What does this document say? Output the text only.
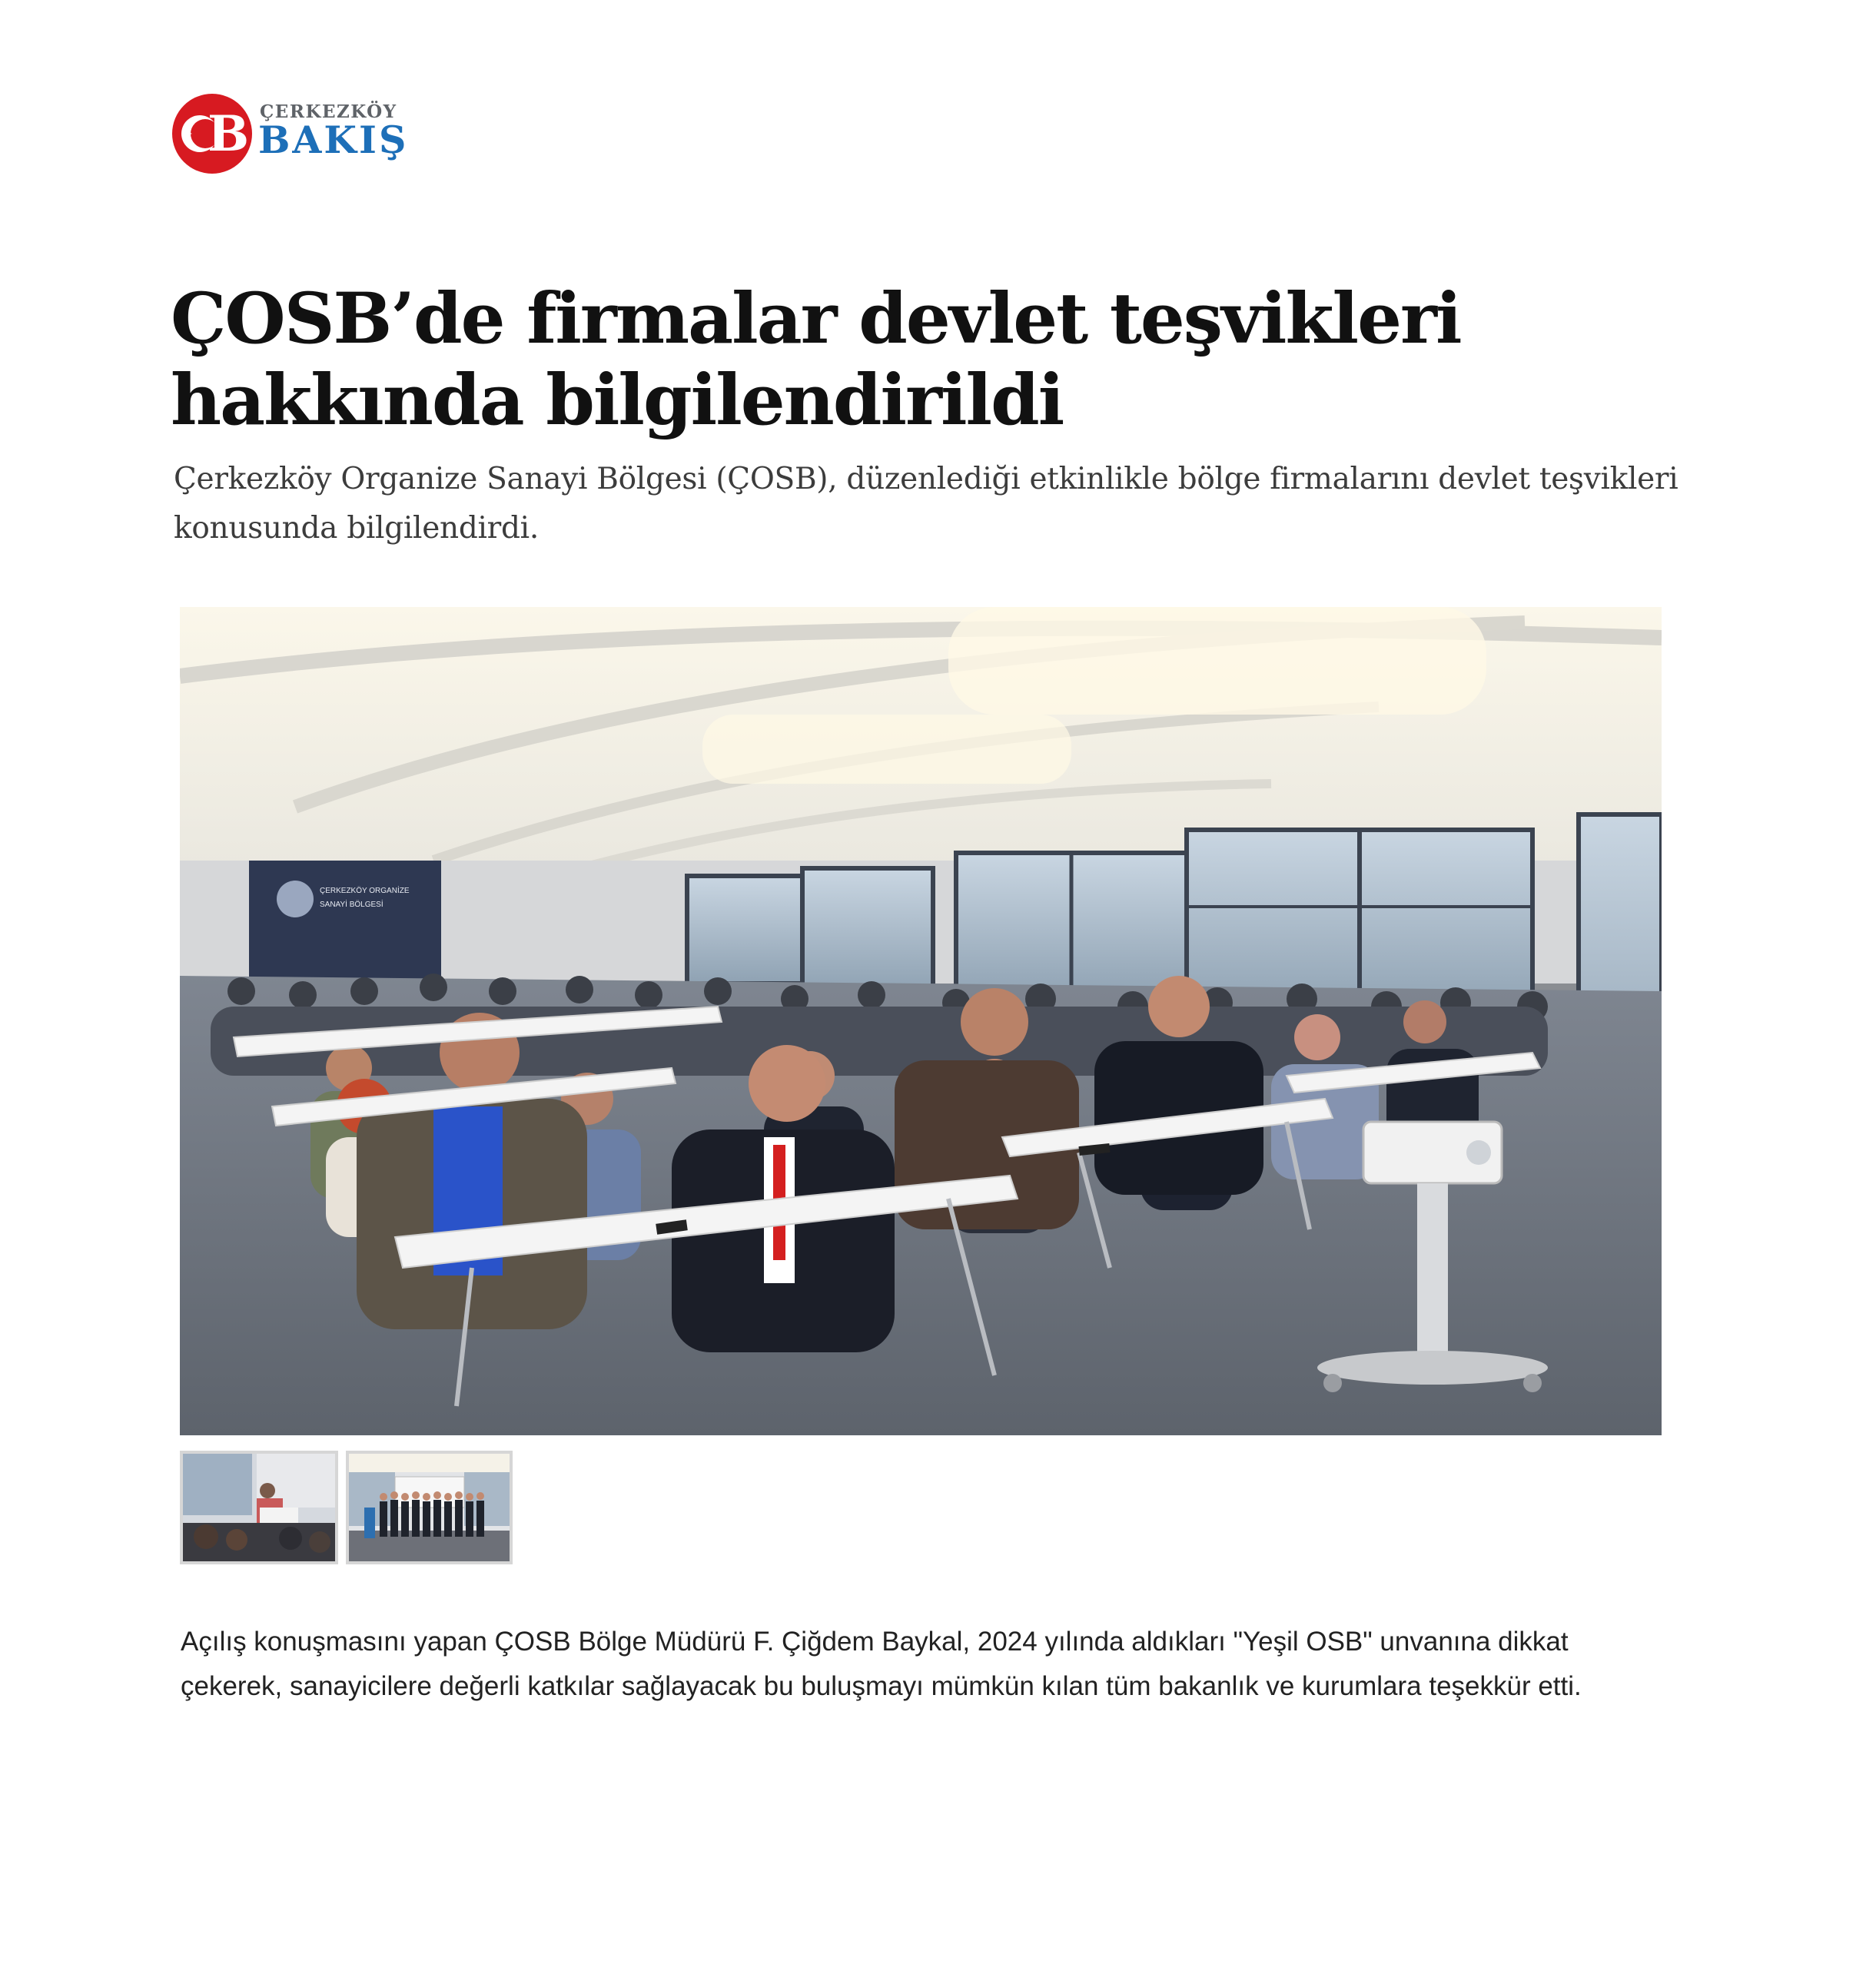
B ÇERKEZKÖY
BAKIŞ
ÇOSB’de firmalar devlet teşvikleri hakkında bilgilendirildi

Çerkezköy Organize Sanayi Bölgesi (ÇOSB), düzenlediği etkinlikle bölge firmalarını devlet teşvikleri konusunda bilgilendirdi.

ÇERKEZKÖY ORGANİZE
SANAYİ BÖLGESİ

Açılış konuşmasını yapan ÇOSB Bölge Müdürü F. Çiğdem Baykal, 2024 yılında aldıkları "Yeşil OSB" unvanına dikkat çekerek, sanayicilere değerli katkılar sağlayacak bu buluşmayı mümkün kılan tüm bakanlık ve kurumlara teşekkür etti.
